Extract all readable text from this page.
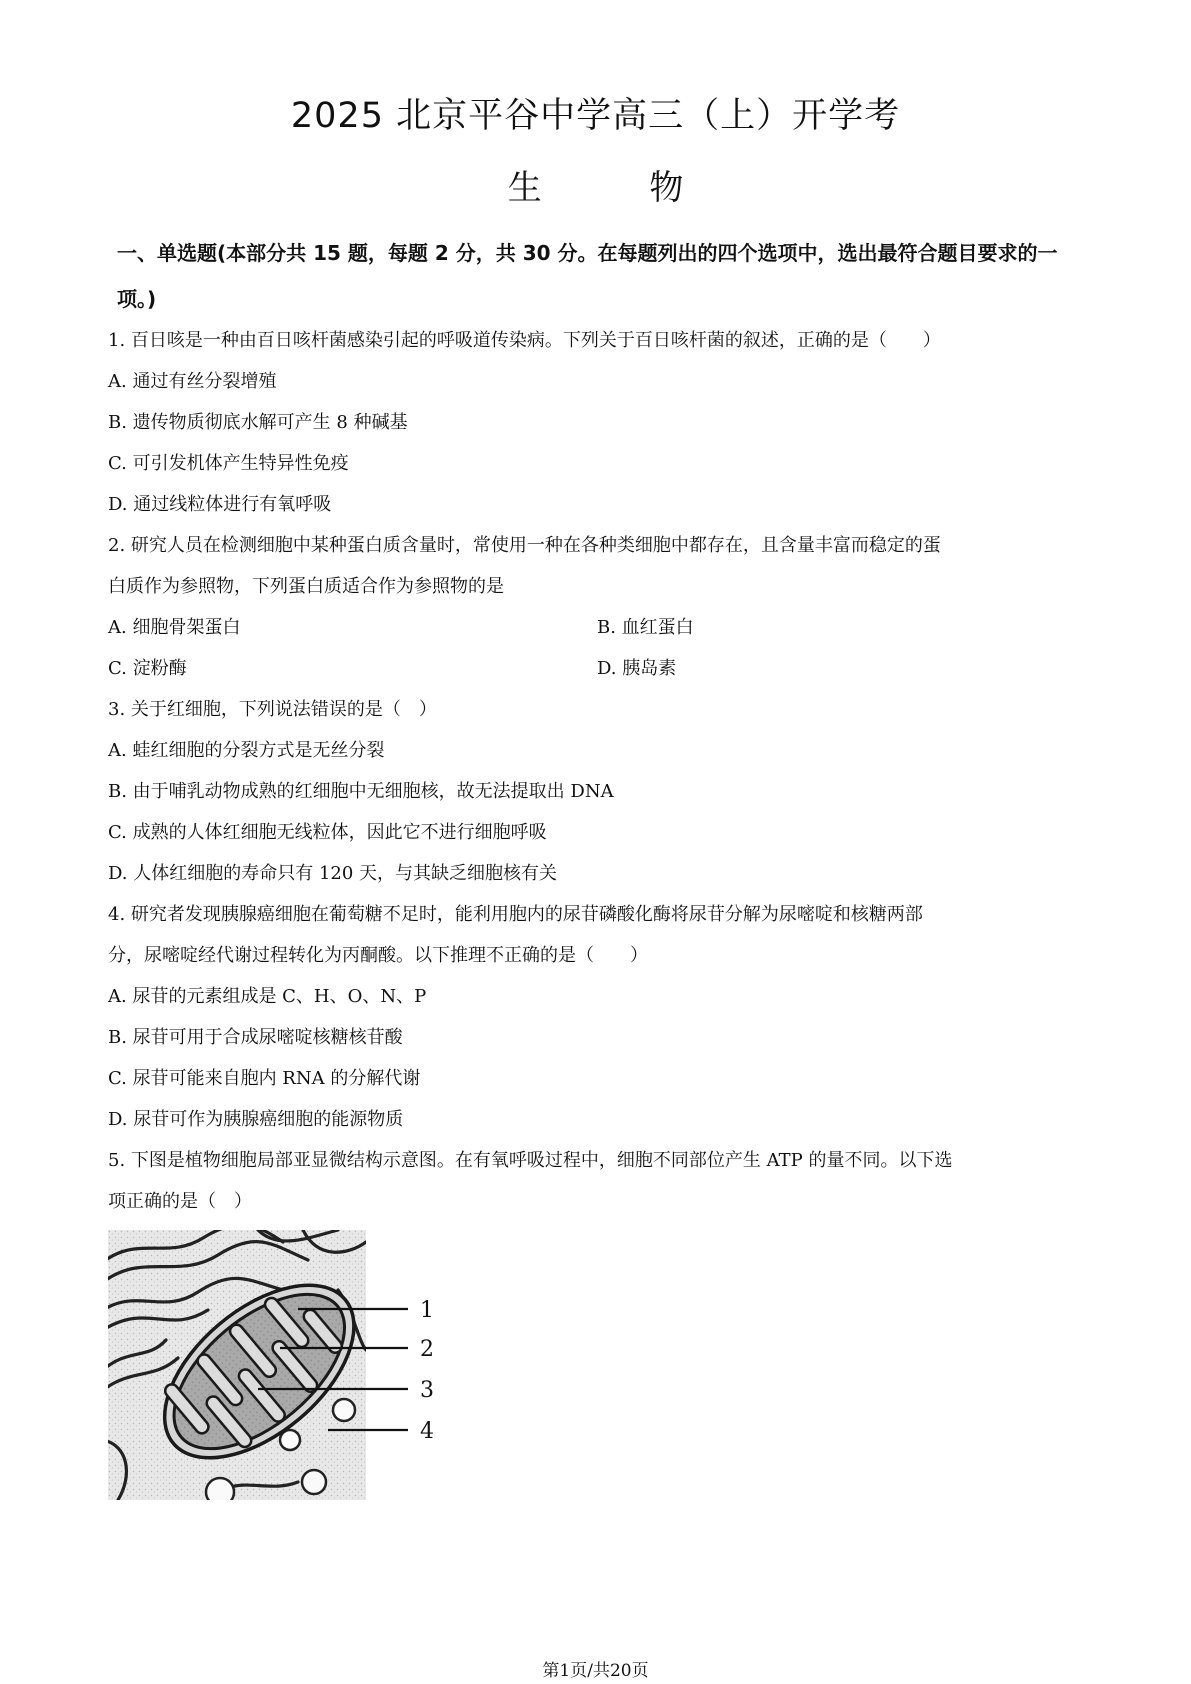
2025 北京平谷中学高三（上）开学考
生	物
一、单选题(本部分共 15 题，每题 2 分，共 30 分。在每题列出的四个选项中，选出最符合题目要求的一项。)
1. 百日咳是一种由百日咳杆菌感染引起的呼吸道传染病。下列关于百日咳杆菌的叙述，正确的是（　　）
A. 通过有丝分裂增殖
B. 遗传物质彻底水解可产生 8 种碱基
C. 可引发机体产生特异性免疫
D. 通过线粒体进行有氧呼吸
2. 研究人员在检测细胞中某种蛋白质含量时，常使用一种在各种类细胞中都存在，且含量丰富而稳定的蛋
白质作为参照物，下列蛋白质适合作为参照物的是
A. 细胞骨架蛋白	B. 血红蛋白
C. 淀粉酶	D. 胰岛素
3. 关于红细胞，下列说法错误的是（　）
A. 蛙红细胞的分裂方式是无丝分裂
B. 由于哺乳动物成熟的红细胞中无细胞核，故无法提取出 DNA
C. 成熟的人体红细胞无线粒体，因此它不进行细胞呼吸
D. 人体红细胞的寿命只有 120 天，与其缺乏细胞核有关
4. 研究者发现胰腺癌细胞在葡萄糖不足时，能利用胞内的尿苷磷酸化酶将尿苷分解为尿嘧啶和核糖两部
分，尿嘧啶经代谢过程转化为丙酮酸。以下推理不正确的是（　　）
A. 尿苷的元素组成是 C、H、O、N、P
B. 尿苷可用于合成尿嘧啶核糖核苷酸
C. 尿苷可能来自胞内 RNA 的分解代谢
D. 尿苷可作为胰腺癌细胞的能源物质
5. 下图是植物细胞局部亚显微结构示意图。在有氧呼吸过程中，细胞不同部位产生 ATP 的量不同。以下选
项正确的是（　）
1
2
3
4
第1页/共20页
